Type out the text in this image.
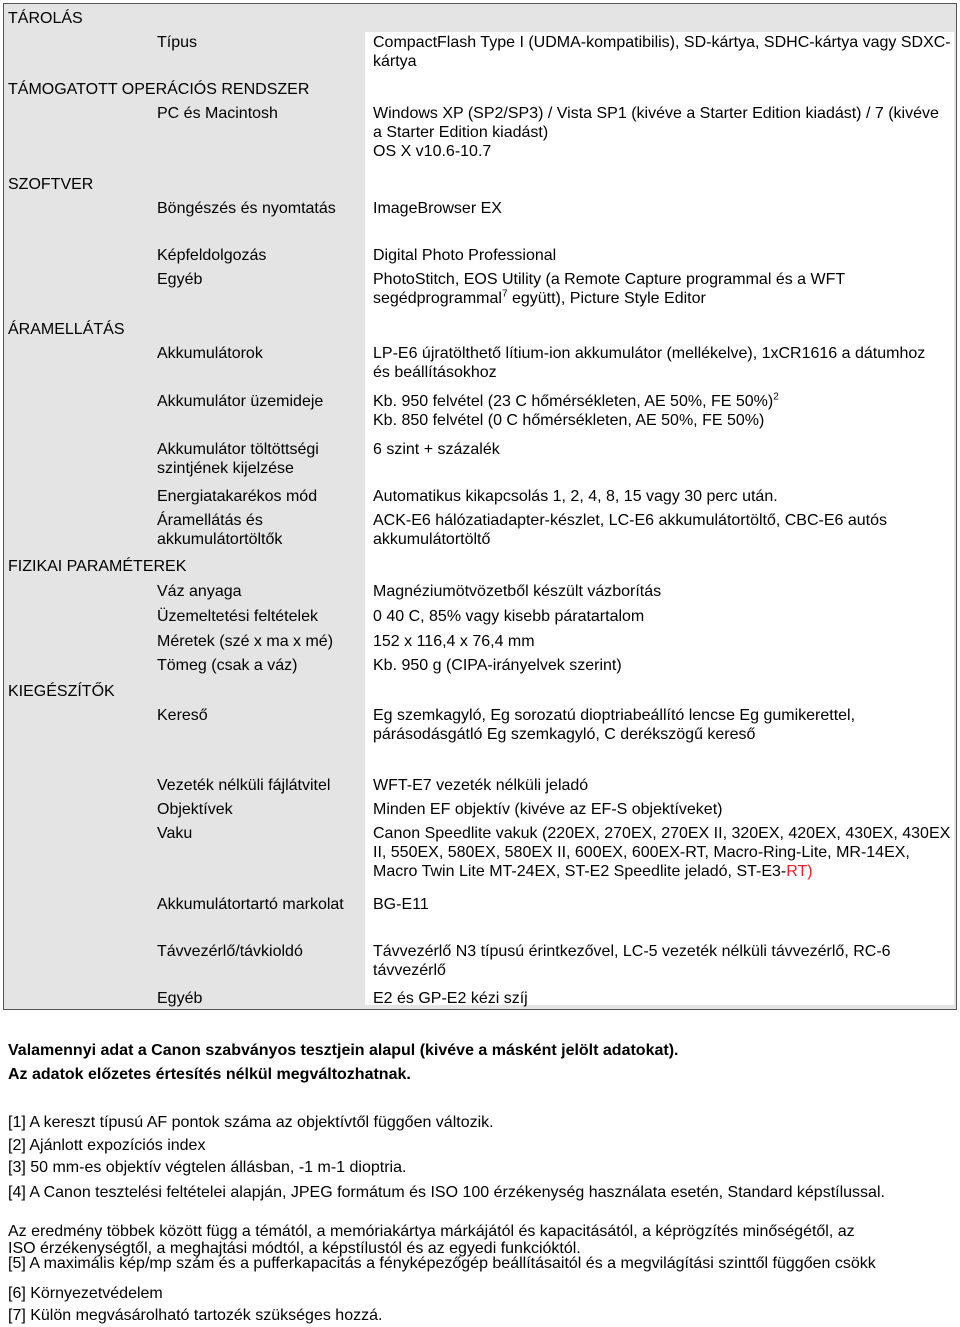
TÁROLÁS
TÁMOGATOTT OPERÁCIÓS RENDSZER
SZOFTVER
ÁRAMELLÁTÁS
FIZIKAI PARAMÉTEREK
KIEGÉSZÍTŐK
Típus
PC és Macintosh
Böngészés és nyomtatás
Képfeldolgozás
Egyéb
Akkumulátorok
Akkumulátor üzemideje
Akkumulátor töltöttségi szintjének kijelzése
Energiatakarékos mód
Áramellátás és akkumulátortöltők
Váz anyaga
Üzemeltetési feltételek
Méretek (szé x ma x mé)
Tömeg (csak a váz)
Kereső
Vezeték nélküli fájlátvitel
Objektívek
Vaku
Akkumulátortartó markolat
Távvezérlő/távkioldó
Egyéb
CompactFlash Type I (UDMA-kompatibilis), SD-kártya, SDHC-kártya vagy SDXC-kártya
Windows XP (SP2/SP3) / Vista SP1 (kivéve a Starter Edition kiadást) / 7 (kivéve a Starter Edition kiadást)
OS X v10.6-10.7
ImageBrowser EX
Digital Photo Professional
PhotoStitch, EOS Utility (a Remote Capture programmal és a WFT segédprogrammal$^7$ együtt), Picture Style Editor
LP-E6 újratölthető lítium-ion akkumulátor (mellékelve), 1xCR1616 a dátumhoz és beállításokhoz
Kb. 950 felvétel (23 C hőmérsékleten, AE 50%, FE 50%)$^2$
Kb. 850 felvétel (0 C hőmérsékleten, AE 50%, FE 50%)
6 szint + százalék
Automatikus kikapcsolás 1, 2, 4, 8, 15 vagy 30 perc után.
ACK-E6 hálózatiadapter-készlet, LC-E6 akkumulátortöltő, CBC-E6 autós akkumulátortöltő
Magnéziumötvözetből készült vázborítás
0 40 C, 85% vagy kisebb páratartalom
152 x 116,4 x 76,4 mm
Kb. 950 g (CIPA-irányelvek szerint)
Eg szemkagyló, Eg sorozatú dioptriabeállító lencse Eg gumikerettel, párásodásgátló Eg szemkagyló, C derékszögű kereső
WFT-E7 vezeték nélküli jeladó
Minden EF objektív (kivéve az EF-S objektíveket)
Canon Speedlite vakuk (220EX, 270EX, 270EX II, 320EX, 420EX, 430EX, 430EX II, 550EX, 580EX, 580EX II, 600EX, 600EX-RT, Macro-Ring-Lite, MR-14EX, Macro Twin Lite MT-24EX, ST-E2 Speedlite jeladó, ST-E3-RT)
BG-E11
Távvezérlő N3 típusú érintkezővel, LC-5 vezeték nélküli távvezérlő, RC-6 távvezérlő
E2 és GP-E2 kézi szíj
Valamennyi adat a Canon szabványos tesztjein alapul (kivéve a másként jelölt adatokat).
Az adatok előzetes értesítés nélkül megváltozhatnak.
[1] A kereszt típusú AF pontok száma az objektívtől függően változik.
[2] Ajánlott expozíciós index
[3] 50 mm-es objektív végtelen állásban, -1 m-1 dioptria.
[4] A Canon tesztelési feltételei alapján, JPEG formátum és ISO 100 érzékenység használata esetén, Standard képstílussal.
Az eredmény többek között függ a témától, a memóriakártya márkájától és kapacitásától, a képrögzítés minőségétől, az
ISO érzékenységtől, a meghajtási módtól, a képstílustól és az egyedi funkcióktól.
[5] A maximális kép/mp szám és a pufferkapacitás a fényképezőgép beállításaitól és a megvilágítási szinttől függően csökk
[6] Környezetvédelem
[7] Külön megvásárolható tartozék szükséges hozzá.
